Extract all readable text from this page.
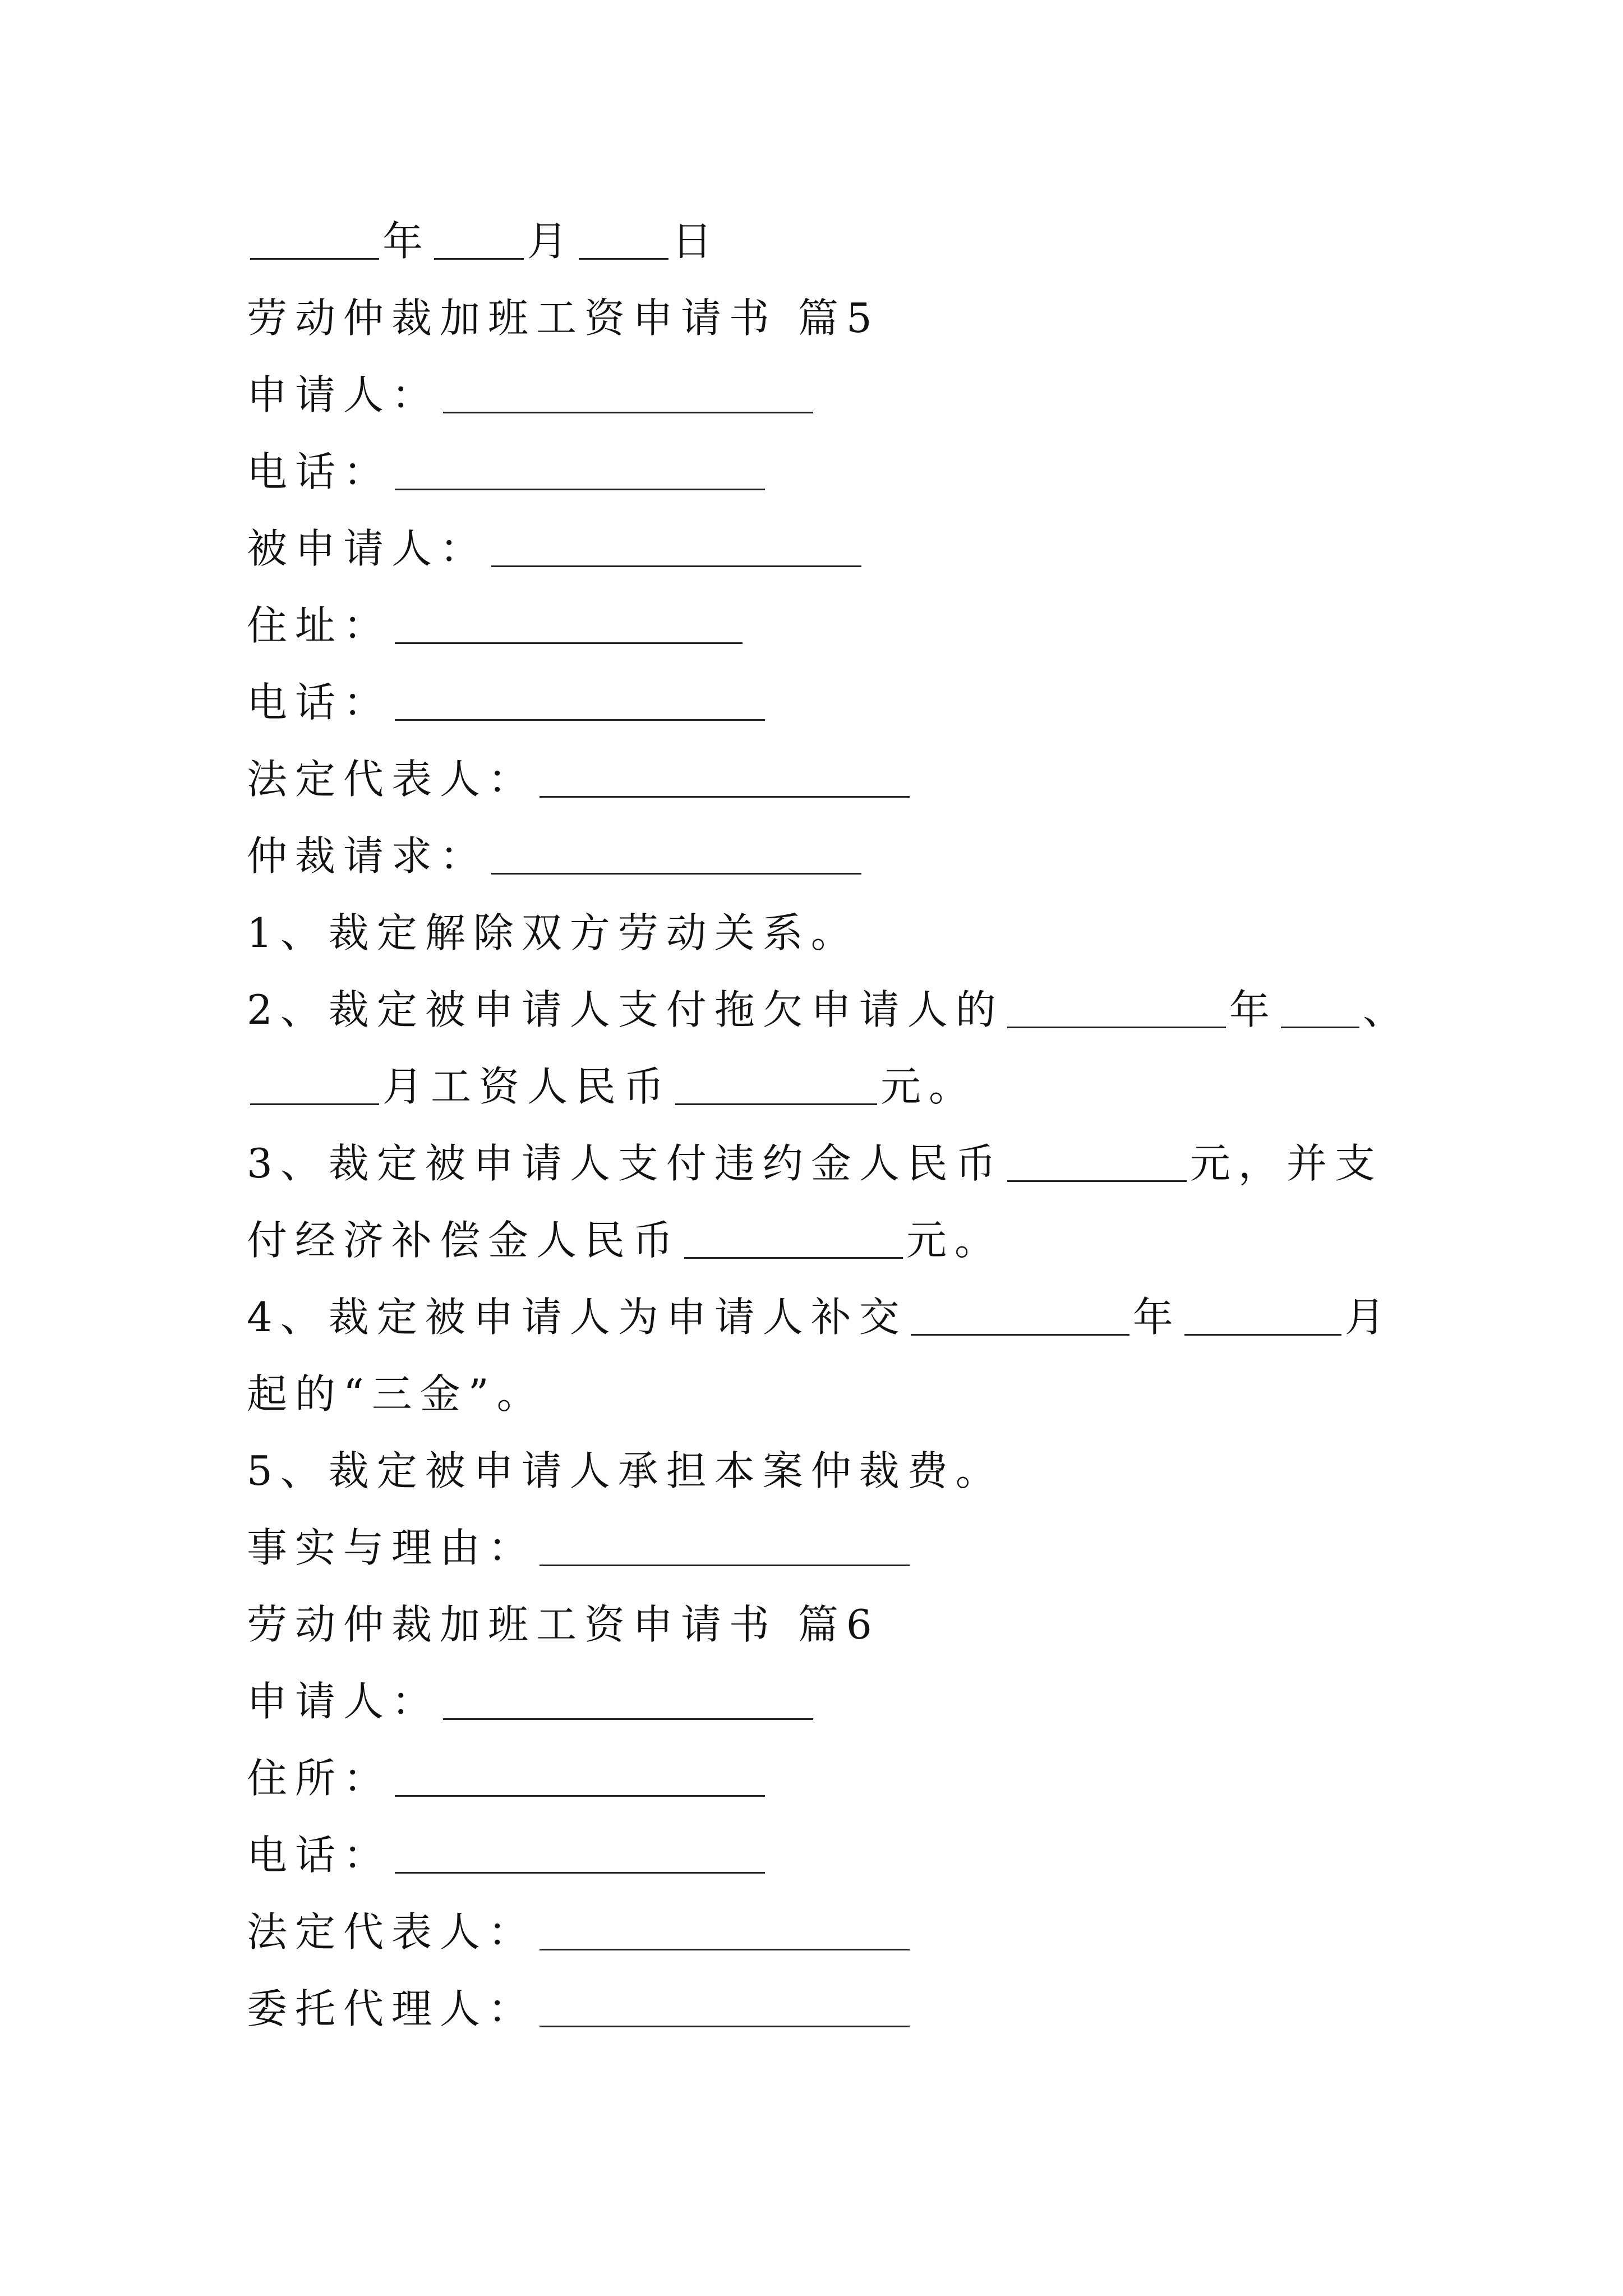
年 月 日
劳动仲裁加班工资申请书 篇5
申请人：
电话：
被申请人：
住址：
电话：
法定代表人：
仲裁请求：
1、裁定解除双方劳动关系。
2、裁定被申请人支付拖欠申请人的	年 、
月工资人民币	元。
3、裁定被申请人支付违约金人民币	元，并支
付经济补偿金人民币	元。
4、裁定被申请人为申请人补交	年	月
起的“三金”。
5、裁定被申请人承担本案仲裁费。
事实与理由：
劳动仲裁加班工资申请书 篇6
申请人：
住所：
电话：
法定代表人：
委托代理人：
